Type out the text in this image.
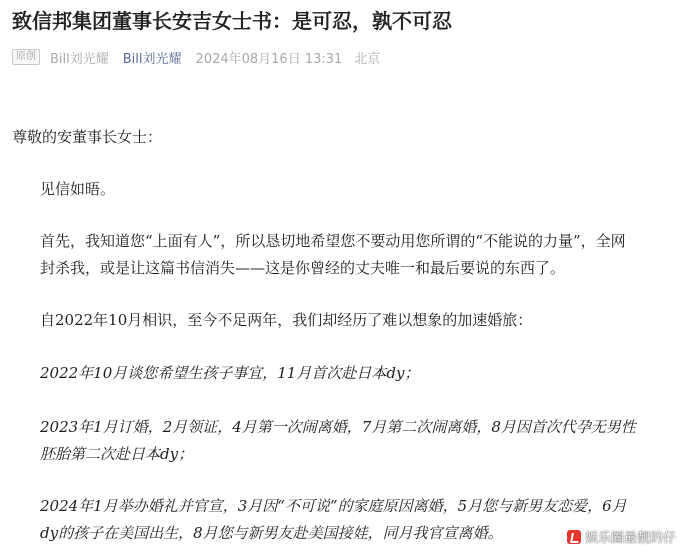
致信邦集团董事长安吉女士书：是可忍，孰不可忍
原创	Bill刘光耀 Bill刘光耀 2024年08月16日 13:31 北京
尊敬的安董事长女士：
见信如晤。
首先，我知道您“上面有人”，所以恳切地希望您不要动用您所谓的“不能说的力量”，全网
封杀我，或是让这篇书信消失——这是你曾经的丈夫唯一和最后要说的东西了。
自2022年10月相识，至今不足两年，我们却经历了难以想象的加速婚旅：
2022年10月谈您希望生孩子事宜，11月首次赴日本dy；
2023年1月订婚，2月领证，4月第一次闹离婚，7月第二次闹离婚，8月因首次代孕无男性
胚胎第二次赴日本dy；
2024年1月举办婚礼并官宣，3月因“不可说”的家庭原因离婚，5月您与新男友恋爱，6月
dy的孩子在美国出生，8月您与新男友赴美国接娃，同月我官宣离婚。	娱乐圈最靓的仔
